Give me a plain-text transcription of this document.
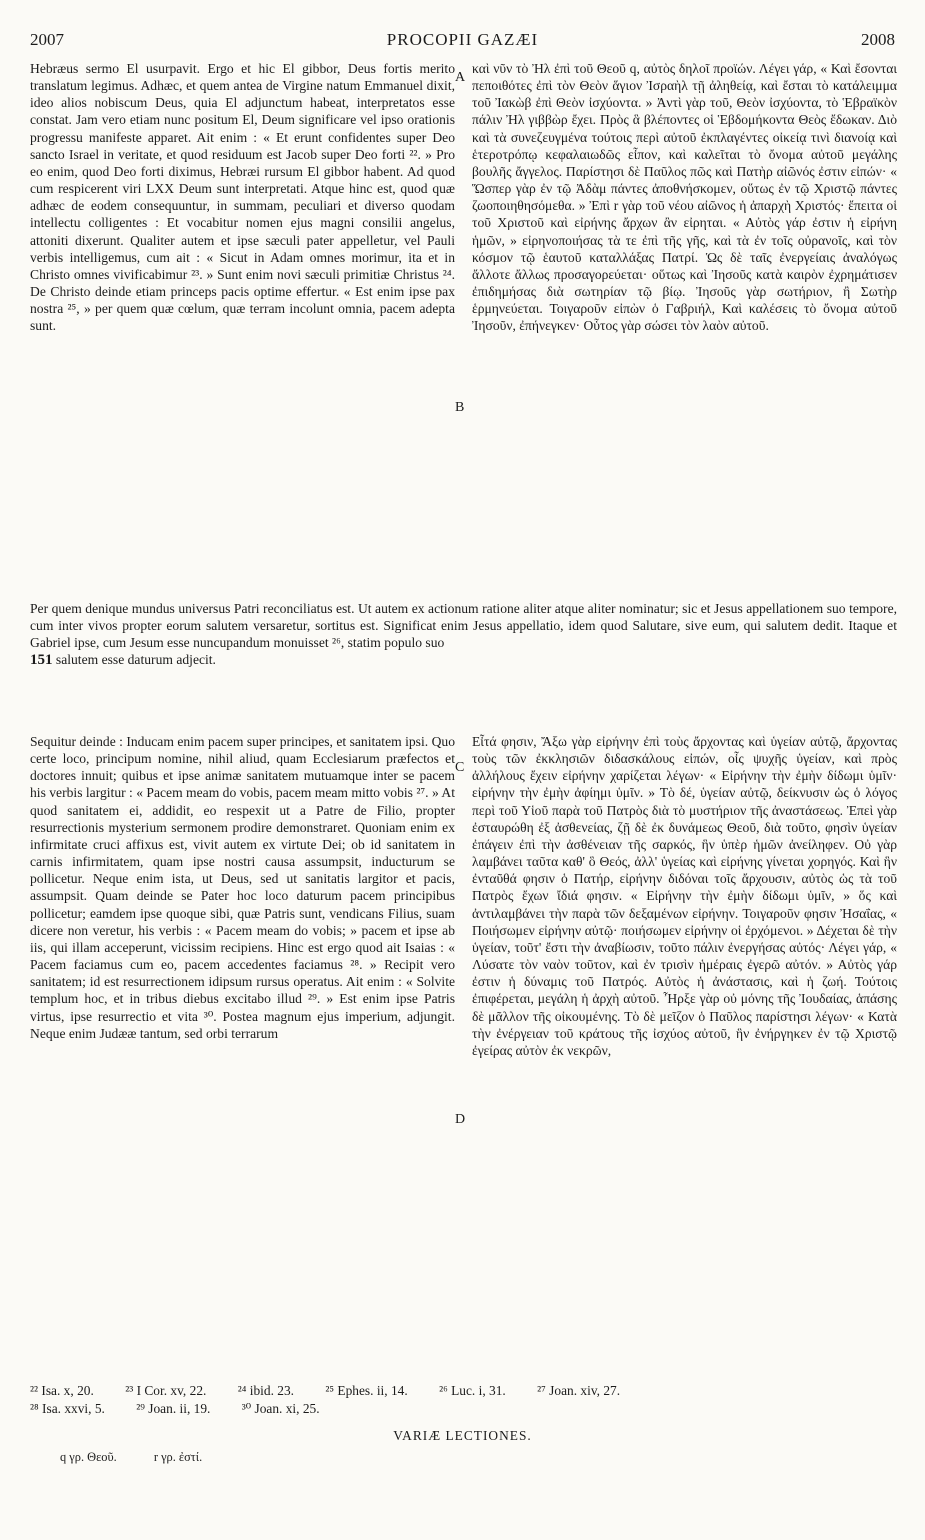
2007	PROCOPII GAZÆI	2008

Hebræus sermo El usurpavit. Ergo et hic El gibbor, Deus fortis merito translatum legimus. Adhæc, et quem antea de Virgine natum Emmanuel dixit, ideo alios nobiscum Deus, quia El adjunctum habeat, interpretatos esse constat. Jam vero etiam nunc positum El, Deum significare vel ipso orationis progressu manifeste apparet. Ait enim : « Et erunt confidentes super Deo sancto Israel in veritate, et quod residuum est Jacob super Deo forti ²². » Pro eo enim, quod Deo forti diximus, Hebræi rursum El gibbor habent. Ad quod cum respicerent viri LXX Deum sunt interpretati. Atque hinc est, quod quæ adhæc de eodem consequuntur, in summam, peculiari et diverso quodam intellectu colligentes : Et vocabitur nomen ejus magni consilii angelus, attoniti dixerunt. Qualiter autem et ipse sæculi pater appelletur, vel Pauli verbis intelligemus, cum ait : « Sicut in Adam omnes morimur, ita et in Christo omnes vivificabimur ²³. » Sunt enim novi sæculi primitiæ Christus ²⁴. De Christo deinde etiam princeps pacis optime effertur. « Est enim ipse pax nostra ²⁵, » per quem quæ cœlum, quæ terram incolunt omnia, pacem adepta sunt.

καὶ νῦν τὸ Ἠλ ἐπὶ τοῦ Θεοῦ q, αὐτὸς δηλοῖ προϊών. Λέγει γάρ, « Καὶ ἔσονται πεποιθότες ἐπὶ τὸν Θεὸν ἅγιον Ἰσραὴλ τῇ ἀληθείᾳ, καὶ ἔσται τὸ κατάλειμμα τοῦ Ἰακὼβ ἐπὶ Θεὸν ἰσχύοντα. » Ἀντὶ γὰρ τοῦ, Θεὸν ἰσχύοντα, τὸ Ἑβραϊκὸν πάλιν Ἠλ γιββὼρ ἔχει. Πρὸς ἃ βλέποντες οἱ Ἑβδομήκοντα Θεὸς ἔδωκαν. Διὸ καὶ τὰ συνεζευγμένα τούτοις περὶ αὐτοῦ ἐκπλαγέντες οἰκείᾳ τινὶ διανοίᾳ καὶ ἑτεροτρόπῳ κεφαλαιωδῶς εἶπον, καὶ καλεῖται τὸ ὄνομα αὐτοῦ μεγάλης βουλῆς ἄγγελος. Παρίστησι δὲ Παῦλος πῶς καὶ Πατὴρ αἰῶνός ἐστιν εἰπών· « Ὥσπερ γὰρ ἐν τῷ Ἀδὰμ πάντες ἀποθνήσκομεν, οὕτως ἐν τῷ Χριστῷ πάντες ζωοποιηθησόμεθα. » Ἐπὶ r γὰρ τοῦ νέου αἰῶνος ἡ ἀπαρχὴ Χριστός· ἔπειτα οἱ τοῦ Χριστοῦ καὶ εἰρήνης ἄρχων ἂν εἰρηται. « Αὐτὸς γάρ ἐστιν ἡ εἰρήνη ἡμῶν, » εἰρηνοποιήσας τὰ τε ἐπὶ τῆς γῆς, καὶ τὰ ἐν τοῖς οὐρανοῖς, καὶ τὸν κόσμον τῷ ἑαυτοῦ καταλλάξας Πατρί. Ὡς δὲ ταῖς ἐνεργείαις ἀναλόγως ἄλλοτε ἄλλως προσαγορεύεται· οὕτως καὶ Ἰησοῦς κατὰ καιρὸν ἐχρημάτισεν ἐπιδημήσας διὰ σωτηρίαν τῷ βίῳ. Ἰησοῦς γὰρ σωτήριον, ἢ Σωτὴρ ἑρμηνεύεται. Τοιγαροῦν εἰπὼν ὁ Γαβριήλ, Καὶ καλέσεις τὸ ὄνομα αὐτοῦ Ἰησοῦν, ἐπήνεγκεν· Οὗτος γὰρ σώσει τὸν λαὸν αὐτοῦ.

A
B
C
D
Per quem denique mundus universus Patri reconciliatus est. Ut autem ex actionum ratione aliter atque aliter nominatur; sic et Jesus appellationem suo tempore, cum inter vivos propter eorum salutem versaretur, sortitus est. Significat enim Jesus appellatio, idem quod Salutare, sive eum, qui salutem dedit. Itaque et Gabriel ipse, cum Jesum esse nuncupandum monuisset ²⁶, statim populo suo
151 salutem esse daturum adjecit.

Sequitur deinde : Inducam enim pacem super principes, et sanitatem ipsi. Quo certe loco, principum nomine, nihil aliud, quam Ecclesiarum præfectos et doctores innuit; quibus et ipse animæ sanitatem mutuamque inter se pacem his verbis largitur : « Pacem meam do vobis, pacem meam mitto vobis ²⁷. » At quod sanitatem ei, addidit, eo respexit ut a Patre de Filio, propter resurrectionis mysterium sermonem prodire demonstraret. Quoniam enim ex infirmitate cruci affixus est, vivit autem ex virtute Dei; ob id sanitatem in carnis infirmitatem, quam ipse nostri causa assumpsit, inducturum se pollicetur. Neque enim ista, ut Deus, sed ut sanitatis largitor et pacis, assumpsit. Quam deinde se Pater hoc loco daturum pacem principibus pollicetur; eamdem ipse quoque sibi, quæ Patris sunt, vendicans Filius, suam dicere non veretur, his verbis : « Pacem meam do vobis; » pacem et ipse ab iis, qui illam acceperunt, vicissim recipiens. Hinc est ergo quod ait Isaias : « Pacem faciamus cum eo, pacem accedentes faciamus ²⁸. » Recipit vero sanitatem; id est resurrectionem idipsum rursus operatus. Ait enim : « Solvite templum hoc, et in tribus diebus excitabo illud ²⁹. » Est enim ipse Patris virtus, ipse resurrectio et vita ³⁰. Postea magnum ejus imperium, adjungit. Neque enim Judææ tantum, sed orbi terrarum

Εἶτά φησιν, Ἄξω γὰρ εἰρήνην ἐπὶ τοὺς ἄρχοντας καὶ ὑγείαν αὐτῷ, ἄρχοντας τοὺς τῶν ἐκκλησιῶν διδασκάλους εἰπών, οἷς ψυχῆς ὑγείαν, καὶ πρὸς ἀλλήλους ἔχειν εἰρήνην χαρίζεται λέγων· « Εἰρήνην τὴν ἐμὴν δίδωμι ὑμῖν· εἰρήνην τὴν ἐμὴν ἀφίημι ὑμῖν. » Τὸ δέ, ὑγείαν αὐτῷ, δείκνυσιν ὡς ὁ λόγος περὶ τοῦ Υἱοῦ παρὰ τοῦ Πατρὸς διὰ τὸ μυστήριον τῆς ἀναστάσεως. Ἐπεὶ γὰρ ἐσταυρώθη ἐξ ἀσθενείας, ζῇ δὲ ἐκ δυνάμεως Θεοῦ, διὰ τοῦτο, φησὶν ὑγείαν ἐπάγειν ἐπὶ τὴν ἀσθένειαν τῆς σαρκός, ἣν ὑπὲρ ἡμῶν ἀνείληφεν. Οὐ γὰρ λαμβάνει ταῦτα καθ' ὃ Θεός, ἀλλ' ὑγείας καὶ εἰρήνης γίνεται χορηγός. Καὶ ἣν ἐνταῦθά φησιν ὁ Πατήρ, εἰρήνην διδόναι τοῖς ἄρχουσιν, αὐτὸς ὡς τὰ τοῦ Πατρὸς ἔχων ἴδιά φησιν. « Εἰρήνην τὴν ἐμὴν δίδωμι ὑμῖν, » ὅς καὶ ἀντιλαμβάνει τὴν παρὰ τῶν δεξαμένων εἰρήνην. Τοιγαροῦν φησιν Ἠσαΐας, « Ποιήσωμεν εἰρήνην αὐτῷ· ποιήσωμεν εἰρήνην οἱ ἐρχόμενοι. » Δέχεται δὲ τὴν ὑγείαν, τοῦτ' ἔστι τὴν ἀναβίωσιν, τοῦτο πάλιν ἐνεργήσας αὐτός· Λέγει γάρ, « Λύσατε τὸν ναὸν τοῦτον, καὶ ἐν τρισὶν ἡμέραις ἐγερῶ αὐτόν. » Αὐτὸς γάρ ἐστιν ἡ δύναμις τοῦ Πατρός. Αὐτὸς ἡ ἀνάστασις, καὶ ἡ ζωή. Τούτοις ἐπιφέρεται, μεγάλη ἡ ἀρχὴ αὐτοῦ. Ἦρξε γὰρ οὐ μόνης τῆς Ἰουδαίας, ἁπάσης δὲ μᾶλλον τῆς οἰκουμένης. Τὸ δὲ μεῖζον ὁ Παῦλος παρίστησι λέγων· « Κατὰ τὴν ἐνέργειαν τοῦ κράτους τῆς ἰσχύος αὐτοῦ, ἣν ἐνήργηκεν ἐν τῷ Χριστῷ ἐγείρας αὐτὸν ἐκ νεκρῶν,

²² Isa. x, 20. ²³ I Cor. xv, 22. ²⁴ ibid. 23. ²⁵ Ephes. ii, 14. ²⁶ Luc. i, 31. ²⁷ Joan. xiv, 27.
²⁸ Isa. xxvi, 5. ²⁹ Joan. ii, 19. ³⁰ Joan. xi, 25.
VARIÆ LECTIONES.
q γρ. Θεοῦ.	r γρ. ἐστί.
